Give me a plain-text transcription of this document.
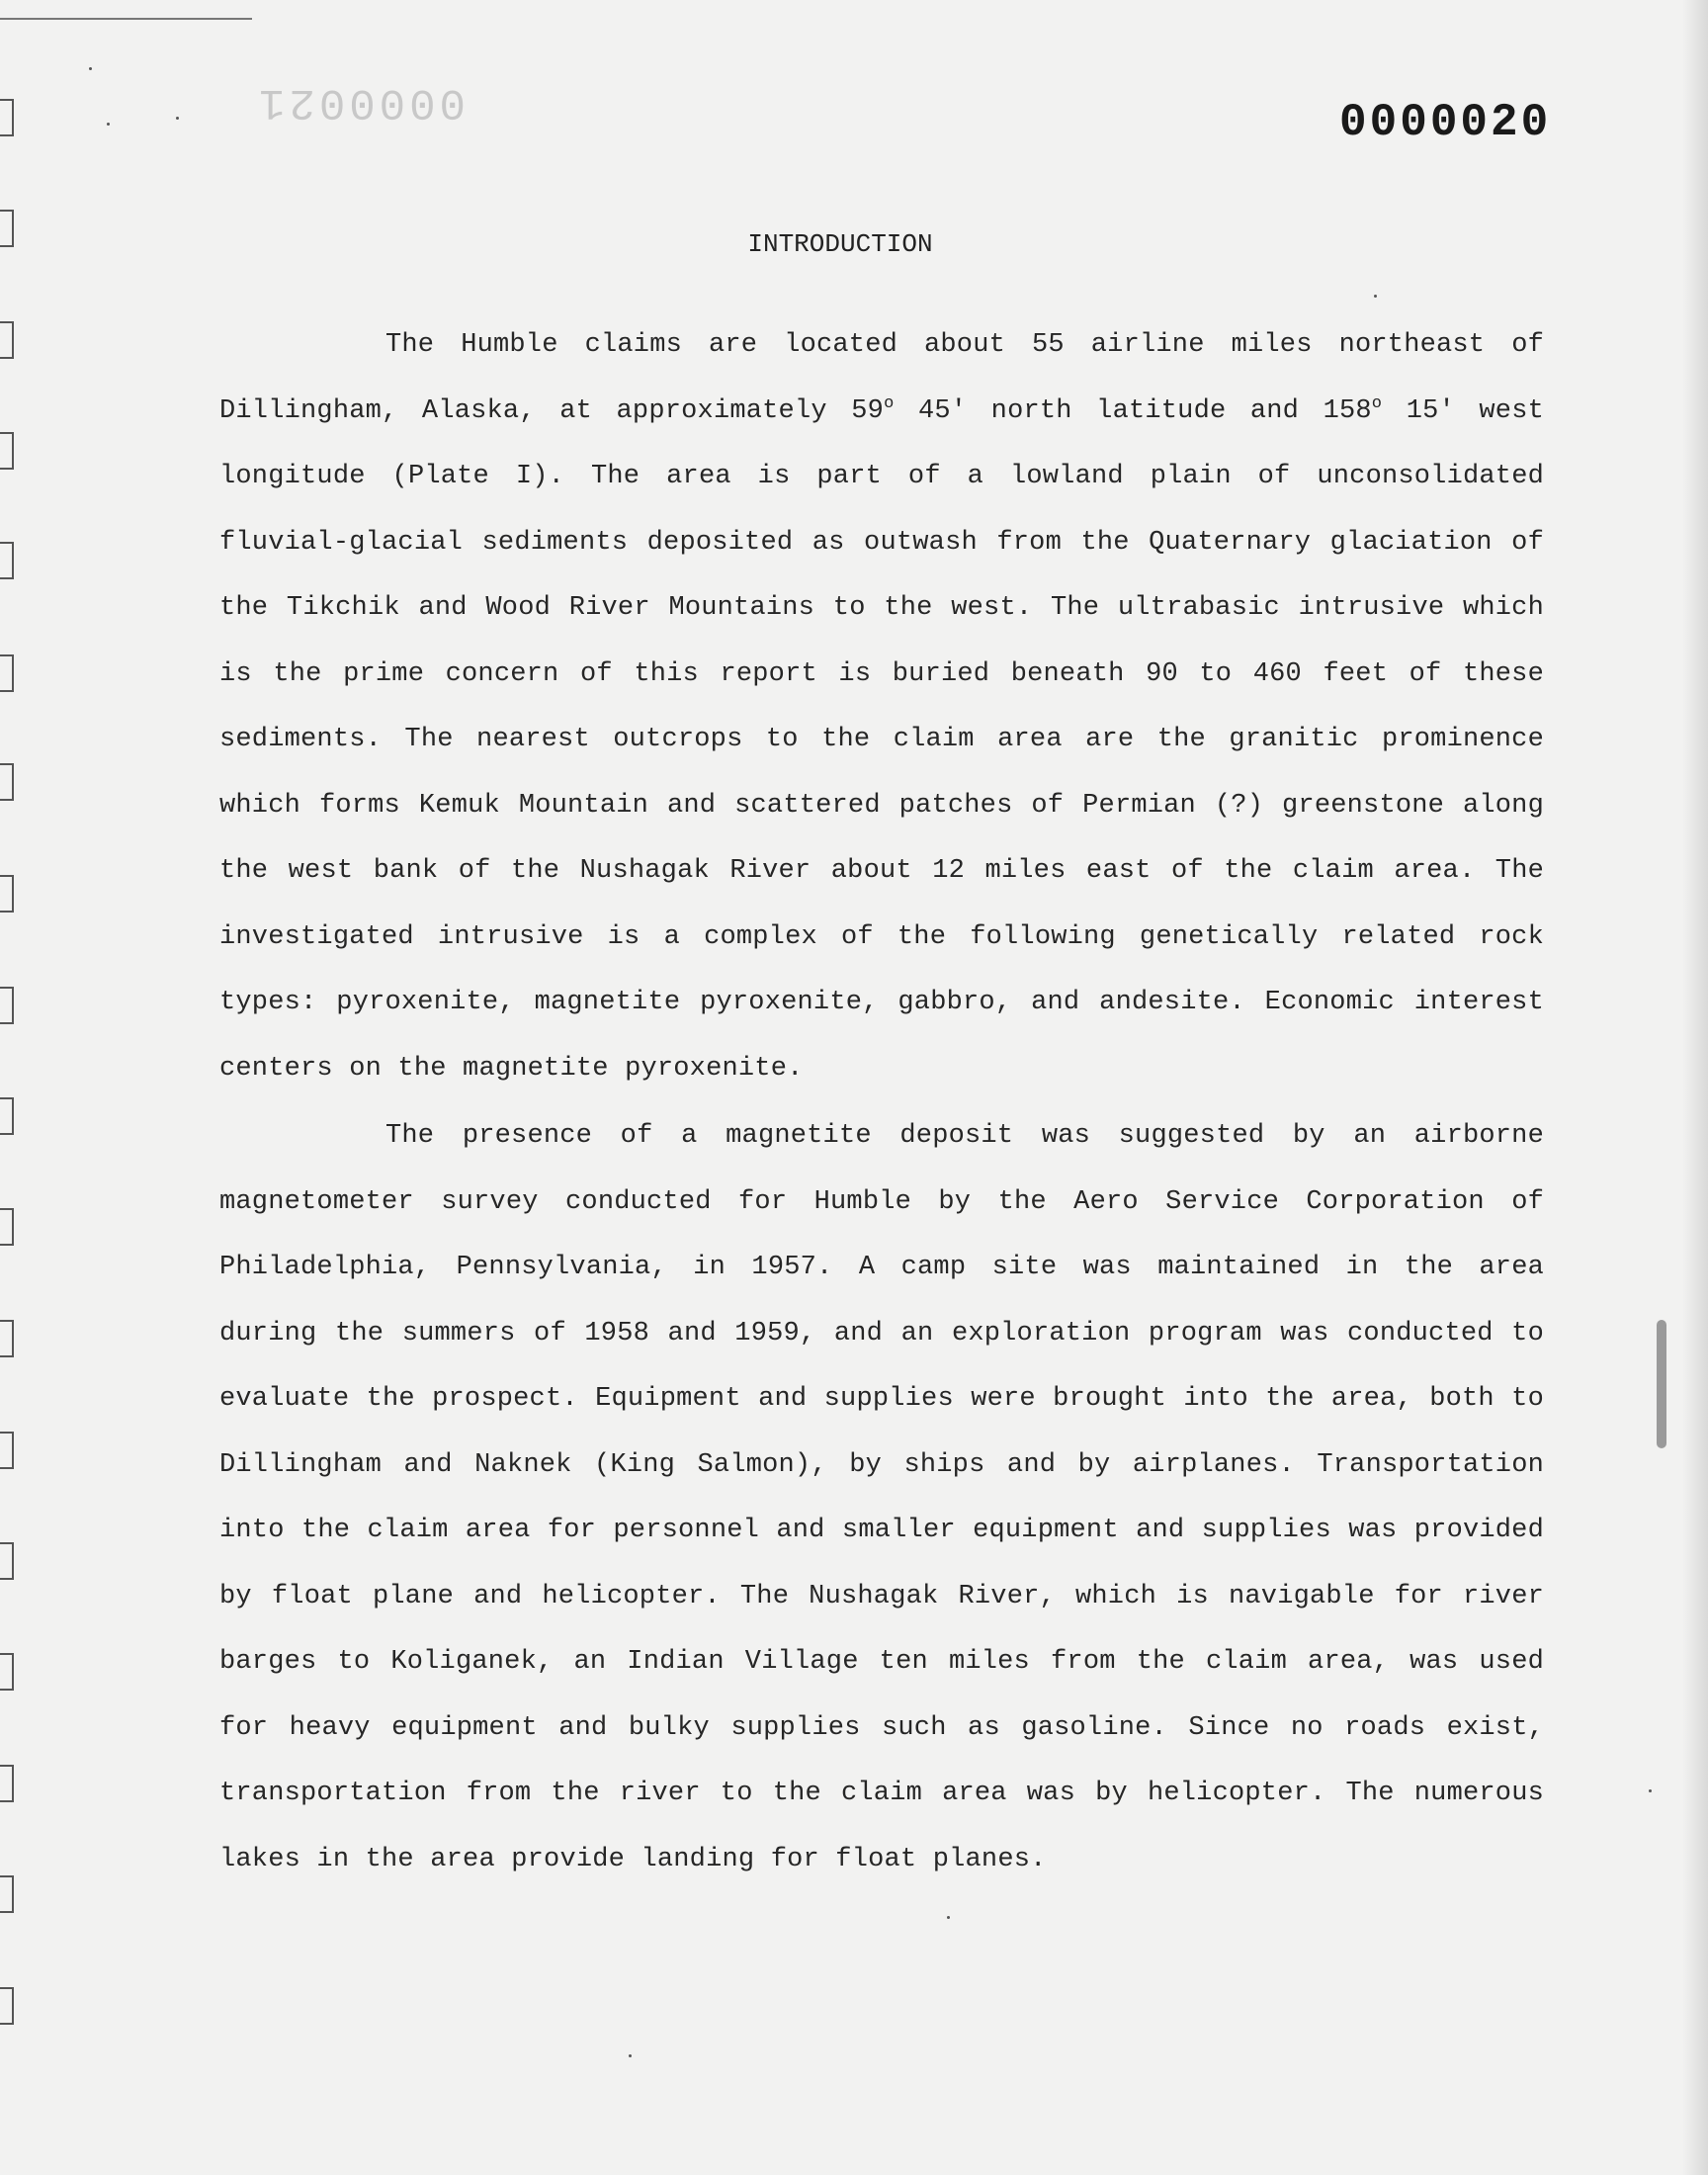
0000021	0000020
INTRODUCTION

The Humble claims are located about 55 airline miles northeast of Dillingham, Alaska, at approximately 59$^o$ 45' north latitude and 158$^o$ 15' west longitude (Plate I). The area is part of a lowland plain of unconsolidated fluvial-glacial sediments deposited as outwash from the Quaternary glaciation of the Tikchik and Wood River Mountains to the west. The ultrabasic intrusive which is the prime concern of this report is buried beneath 90 to 460 feet of these sediments. The nearest outcrops to the claim area are the granitic prominence which forms Kemuk Mountain and scattered patches of Permian (?) greenstone along the west bank of the Nushagak River about 12 miles east of the claim area. The investigated intrusive is a complex of the following genetically related rock types: pyroxenite, magnetite pyroxenite, gabbro, and andesite. Economic interest centers on the magnetite pyroxenite.

The presence of a magnetite deposit was suggested by an airborne magnetometer survey conducted for Humble by the Aero Service Corporation of Philadelphia, Pennsylvania, in 1957. A camp site was maintained in the area during the summers of 1958 and 1959, and an exploration program was conducted to evaluate the prospect. Equipment and supplies were brought into the area, both to Dillingham and Naknek (King Salmon), by ships and by airplanes. Transportation into the claim area for personnel and smaller equipment and supplies was provided by float plane and helicopter. The Nushagak River, which is navigable for river barges to Koliganek, an Indian Village ten miles from the claim area, was used for heavy equipment and bulky supplies such as gasoline. Since no roads exist, transportation from the river to the claim area was by helicopter. The numerous lakes in the area provide landing for float planes.
